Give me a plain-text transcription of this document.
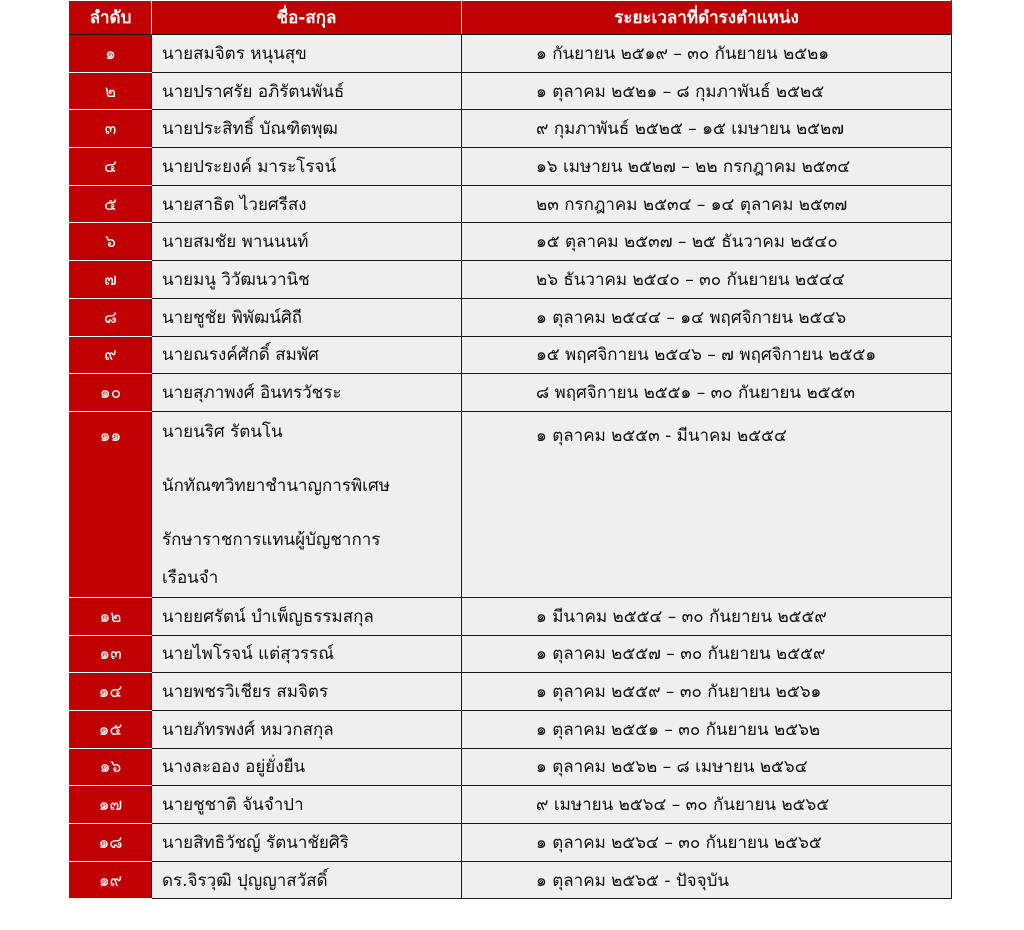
ลำดับ	ชื่อ-สกุล	ระยะเวลาที่ดำรงตำแหน่ง
๑	นายสมจิตร หนุนสุข	๑ กันยายน ๒๕๑๙ – ๓๐ กันยายน ๒๕๒๑
๒	นายปราศรัย อภิรัตนพันธ์	๑ ตุลาคม ๒๕๒๑ – ๘ กุมภาพันธ์ ๒๕๒๕
๓	นายประสิทธิ์ บัณฑิตพุฒ	๙ กุมภาพันธ์ ๒๕๒๕ – ๑๕ เมษายน ๒๕๒๗
๔	นายประยงค์ มาระโรจน์	๑๖ เมษายน ๒๕๒๗ – ๒๒ กรกฎาคม ๒๕๓๔
๕	นายสาธิต ไวยศรีสง	๒๓ กรกฎาคม ๒๕๓๔ – ๑๔ ตุลาคม ๒๕๓๗
๖	นายสมชัย พานนนท์	๑๕ ตุลาคม ๒๕๓๗ – ๒๕ ธันวาคม ๒๕๔๐
๗	นายมนู วิวัฒนวานิช	๒๖ ธันวาคม ๒๕๔๐ – ๓๐ กันยายน ๒๕๔๔
๘	นายชูชัย พิพัฒน์ศิถี	๑ ตุลาคม ๒๕๔๔ – ๑๔ พฤศจิกายน ๒๕๔๖
๙	นายณรงค์ศักดิ์ สมพัศ	๑๕ พฤศจิกายน ๒๕๔๖ – ๗ พฤศจิกายน ๒๕๕๑
๑๐	นายสุภาพงศ์ อินทรวัชระ	๘ พฤศจิกายน ๒๕๕๑ – ๓๐ กันยายน ๒๕๕๓
๑๑	นายนริศ รัตนโน
นักทัณฑวิทยาชำนาญการพิเศษ
รักษาราชการแทนผู้บัญชาการ
เรือนจำ	๑ ตุลาคม ๒๕๕๓ - มีนาคม ๒๕๕๔
๑๒	นายยศรัตน์ บำเพ็ญธรรมสกุล	๑ มีนาคม ๒๕๕๔ – ๓๐ กันยายน ๒๕๕๙
๑๓	นายไพโรจน์ แต่สุวรรณ์	๑ ตุลาคม ๒๕๕๗ – ๓๐ กันยายน ๒๕๕๙
๑๔	นายพชรวิเชียร สมจิตร	๑ ตุลาคม ๒๕๕๙ – ๓๐ กันยายน ๒๕๖๑
๑๕	นายภัทรพงศ์ หมวกสกุล	๑ ตุลาคม ๒๕๕๑ – ๓๐ กันยายน ๒๕๖๒
๑๖	นางละออง อยู่ยั่งยืน	๑ ตุลาคม ๒๕๖๒ – ๘ เมษายน ๒๕๖๔
๑๗	นายชูชาติ จันจำปา	๙ เมษายน ๒๕๖๔ – ๓๐ กันยายน ๒๕๖๕
๑๘	นายสิทธิวัชญ์ รัตนาชัยศิริ	๑ ตุลาคม ๒๕๖๔ – ๓๐ กันยายน ๒๕๖๕
๑๙	ดร.จิรวุฒิ ปุญญาสวัสดิ์	๑ ตุลาคม ๒๕๖๕ - ปัจจุบัน
